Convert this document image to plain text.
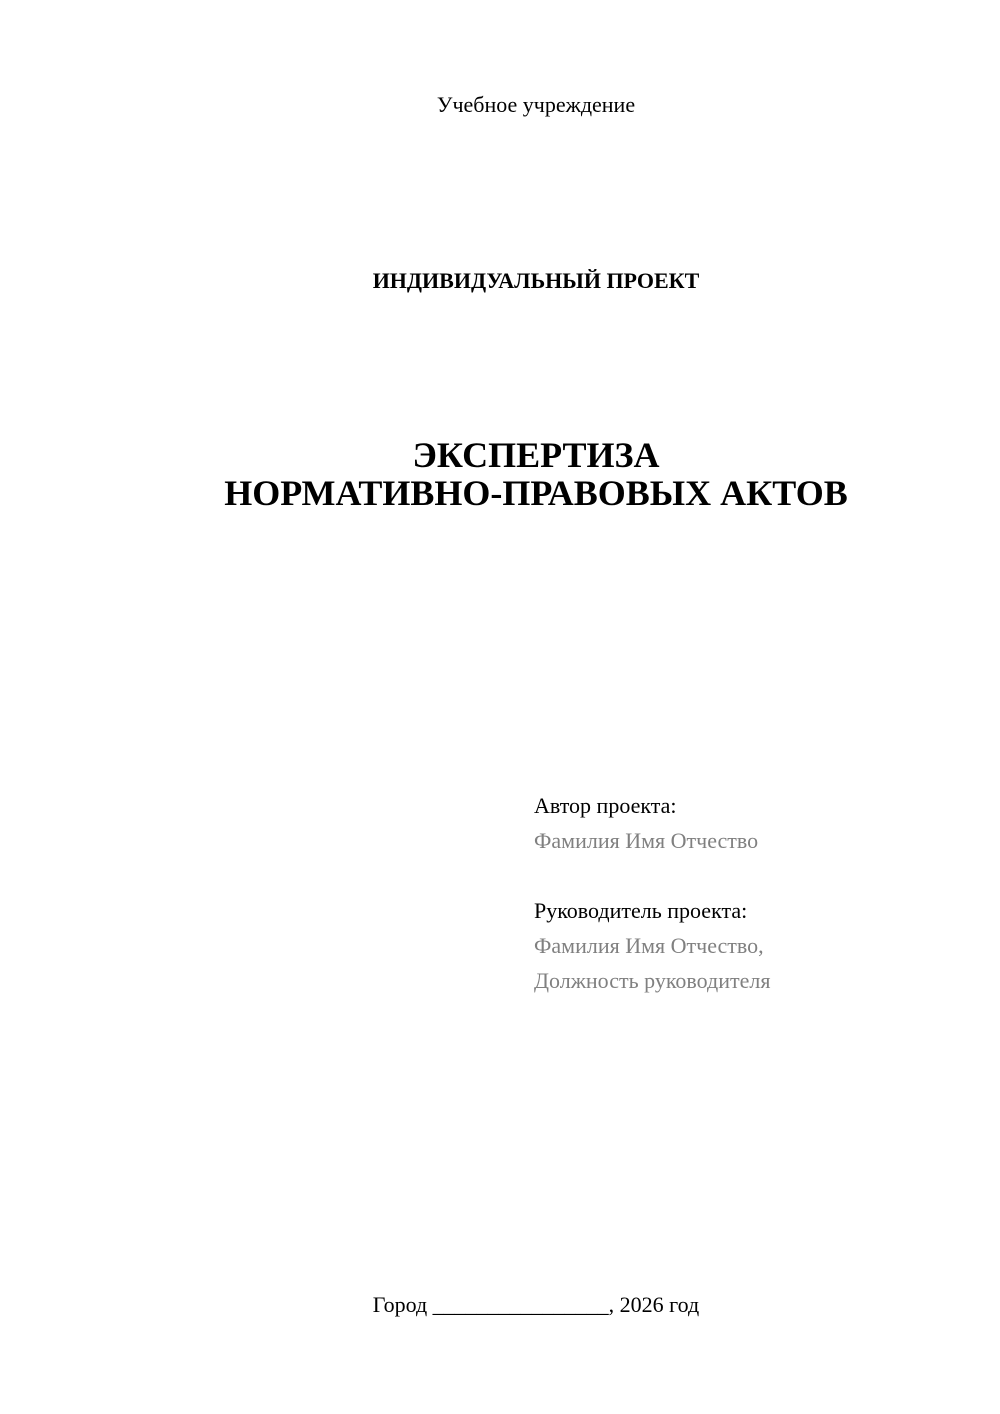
Учебное учреждение
ИНДИВИДУАЛЬНЫЙ ПРОЕКТ
ЭКСПЕРТИЗА
НОРМАТИВНО-ПРАВОВЫХ АКТОВ
Автор проекта:
Фамилия Имя Отчество
Руководитель проекта:
Фамилия Имя Отчество,
Должность руководителя
Город ________________, 2026 год
